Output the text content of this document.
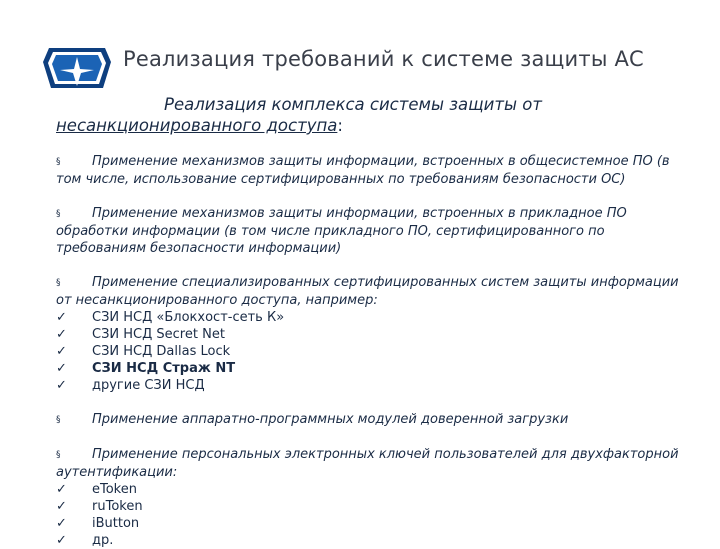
Реализация требований к системе защиты АС
Реализация комплекса системы защиты от
несанкционированного доступа:
§ Применение механизмов защиты информации, встроенных в общесистемное ПО (в том числе, использование сертифицированных по требованиям безопасности ОС)
§ Применение механизмов защиты информации, встроенных в прикладное ПО обработки информации (в том числе прикладного ПО, сертифицированного по требованиям безопасности информации)
§ Применение специализированных сертифицированных систем защиты информации от несанкционированного доступа, например:
✓ СЗИ НСД «Блокхост-сеть К»
✓ СЗИ НСД Secret Net
✓ СЗИ НСД Dallas Lock
✓ СЗИ НСД Страж NT
✓ другие СЗИ НСД
§ Применение аппаратно-программных модулей доверенной загрузки
§ Применение персональных электронных ключей пользователей для двухфакторной аутентификации:
✓ eToken
✓ ruToken
✓ iButton
✓ др.
